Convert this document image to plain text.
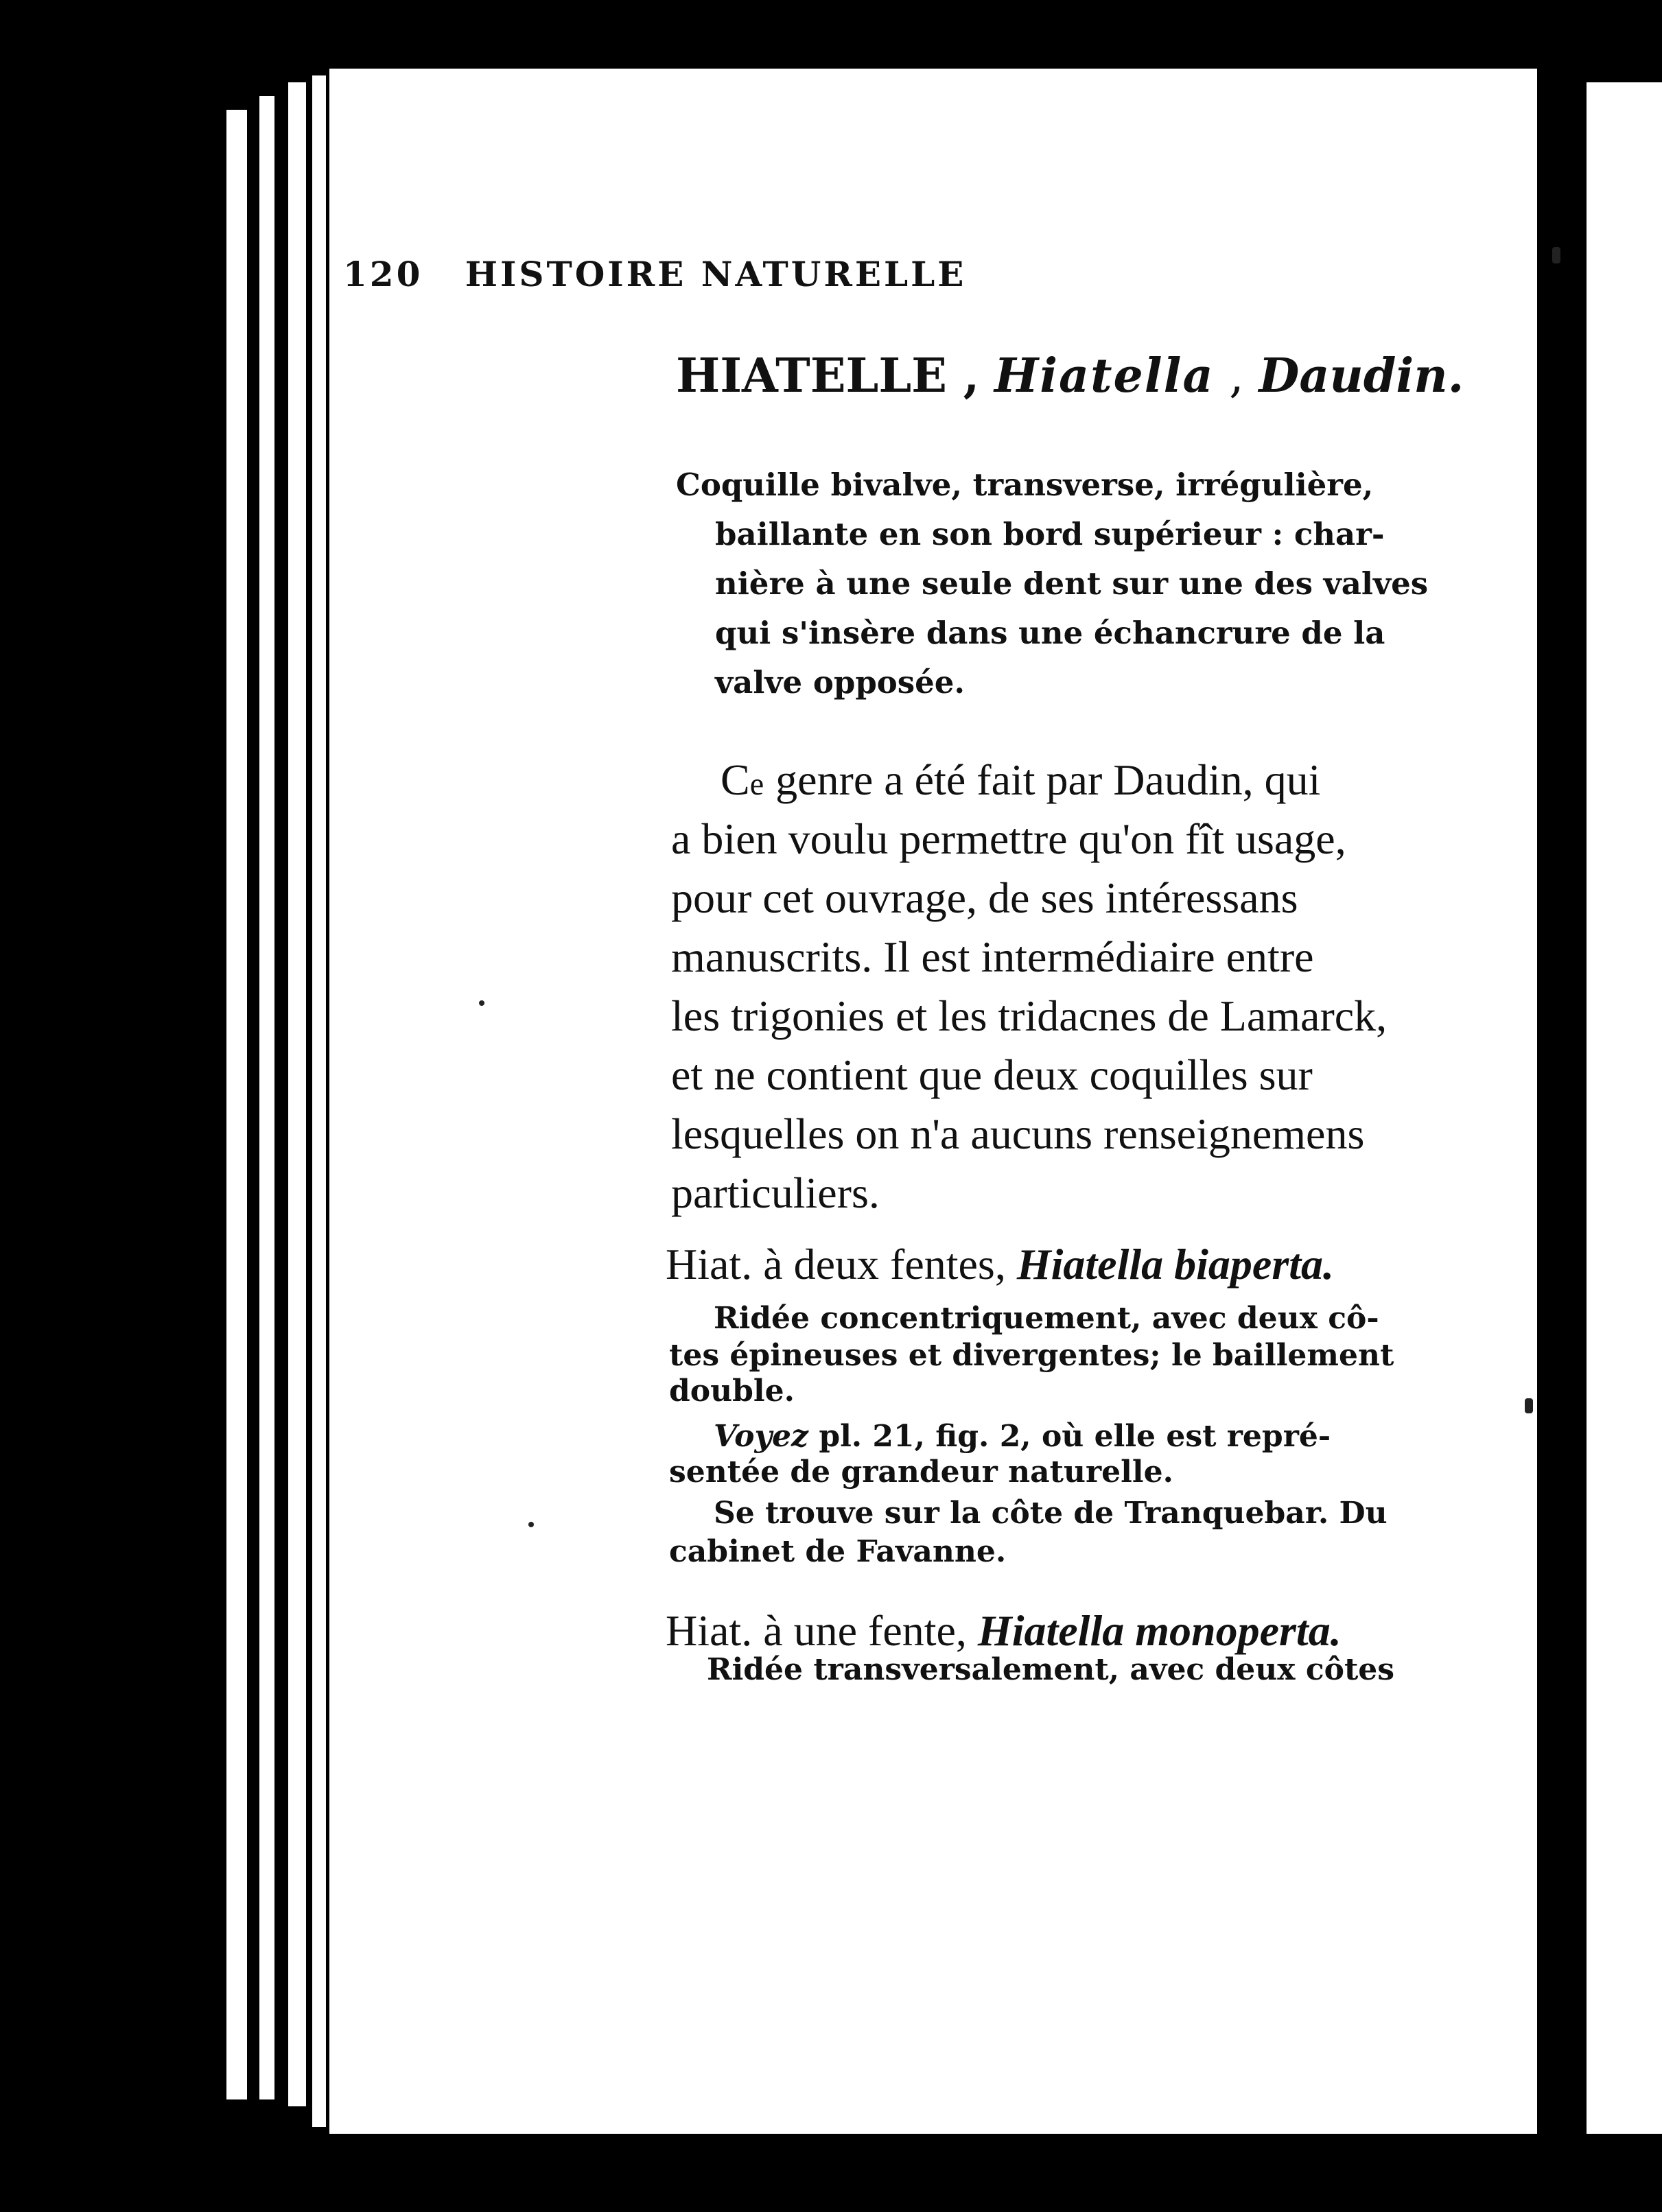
120 HISTOIRE NATURELLE
HIATELLE , Hiatella , Daudin.
Coquille bivalve, transverse, irrégulière,
baillante en son bord supérieur : char-
nière à une seule dent sur une des valves
qui s'insère dans une échancrure de la
valve opposée.
Ce genre a été fait par Daudin, qui
a bien voulu permettre qu'on fît usage,
pour cet ouvrage, de ses intéressans
manuscrits. Il est intermédiaire entre
les trigonies et les tridacnes de Lamarck,
et ne contient que deux coquilles sur
lesquelles on n'a aucuns renseignemens
particuliers.
Hiat. à deux fentes, Hiatella biaperta.
Ridée concentriquement, avec deux cô-
tes épineuses et divergentes; le baillement
double.
Voyez pl. 21, fig. 2, où elle est repré-
sentée de grandeur naturelle.
Se trouve sur la côte de Tranquebar. Du
cabinet de Favanne.
Hiat. à une fente, Hiatella monoperta.
Ridée transversalement, avec deux côtes
